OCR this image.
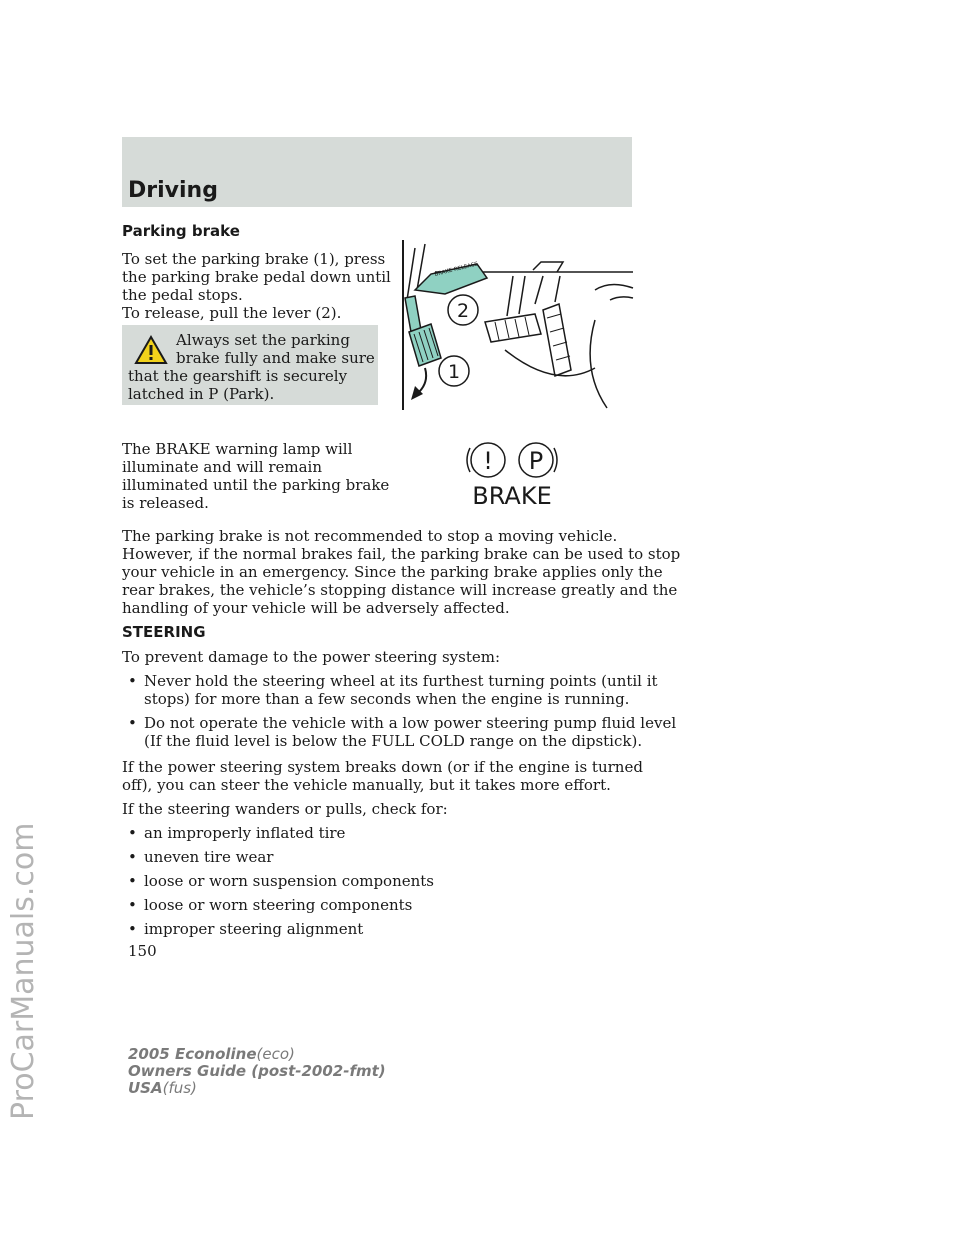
Driving
ProCarManuals.com
Parking brake
To set the parking brake (1), press
the parking brake pedal down until
the pedal stops.
To release, pull the lever (2).
Always set the parking
brake fully and make sure
that the gearshift is securely
latched in P (Park).
BRAKE RELEASE
2
1
The BRAKE warning lamp will
illuminate and will remain
illuminated until the parking brake
is released.
! P
BRAKE
The parking brake is not recommended to stop a moving vehicle.
However, if the normal brakes fail, the parking brake can be used to stop
your vehicle in an emergency. Since the parking brake applies only the
rear brakes, the vehicle’s stopping distance will increase greatly and the
handling of your vehicle will be adversely affected.
STEERING
To prevent damage to the power steering system:
• Never hold the steering wheel at its furthest turning points (until it
stops) for more than a few seconds when the engine is running.
• Do not operate the vehicle with a low power steering pump fluid level
(If the fluid level is below the FULL COLD range on the dipstick).
If the power steering system breaks down (or if the engine is turned
off), you can steer the vehicle manually, but it takes more effort.
If the steering wanders or pulls, check for:
• an improperly inflated tire
• uneven tire wear
• loose or worn suspension components
• loose or worn steering components
• improper steering alignment
150
2005 Econoline(eco)
Owners Guide (post-2002-fmt)
USA(fus)
